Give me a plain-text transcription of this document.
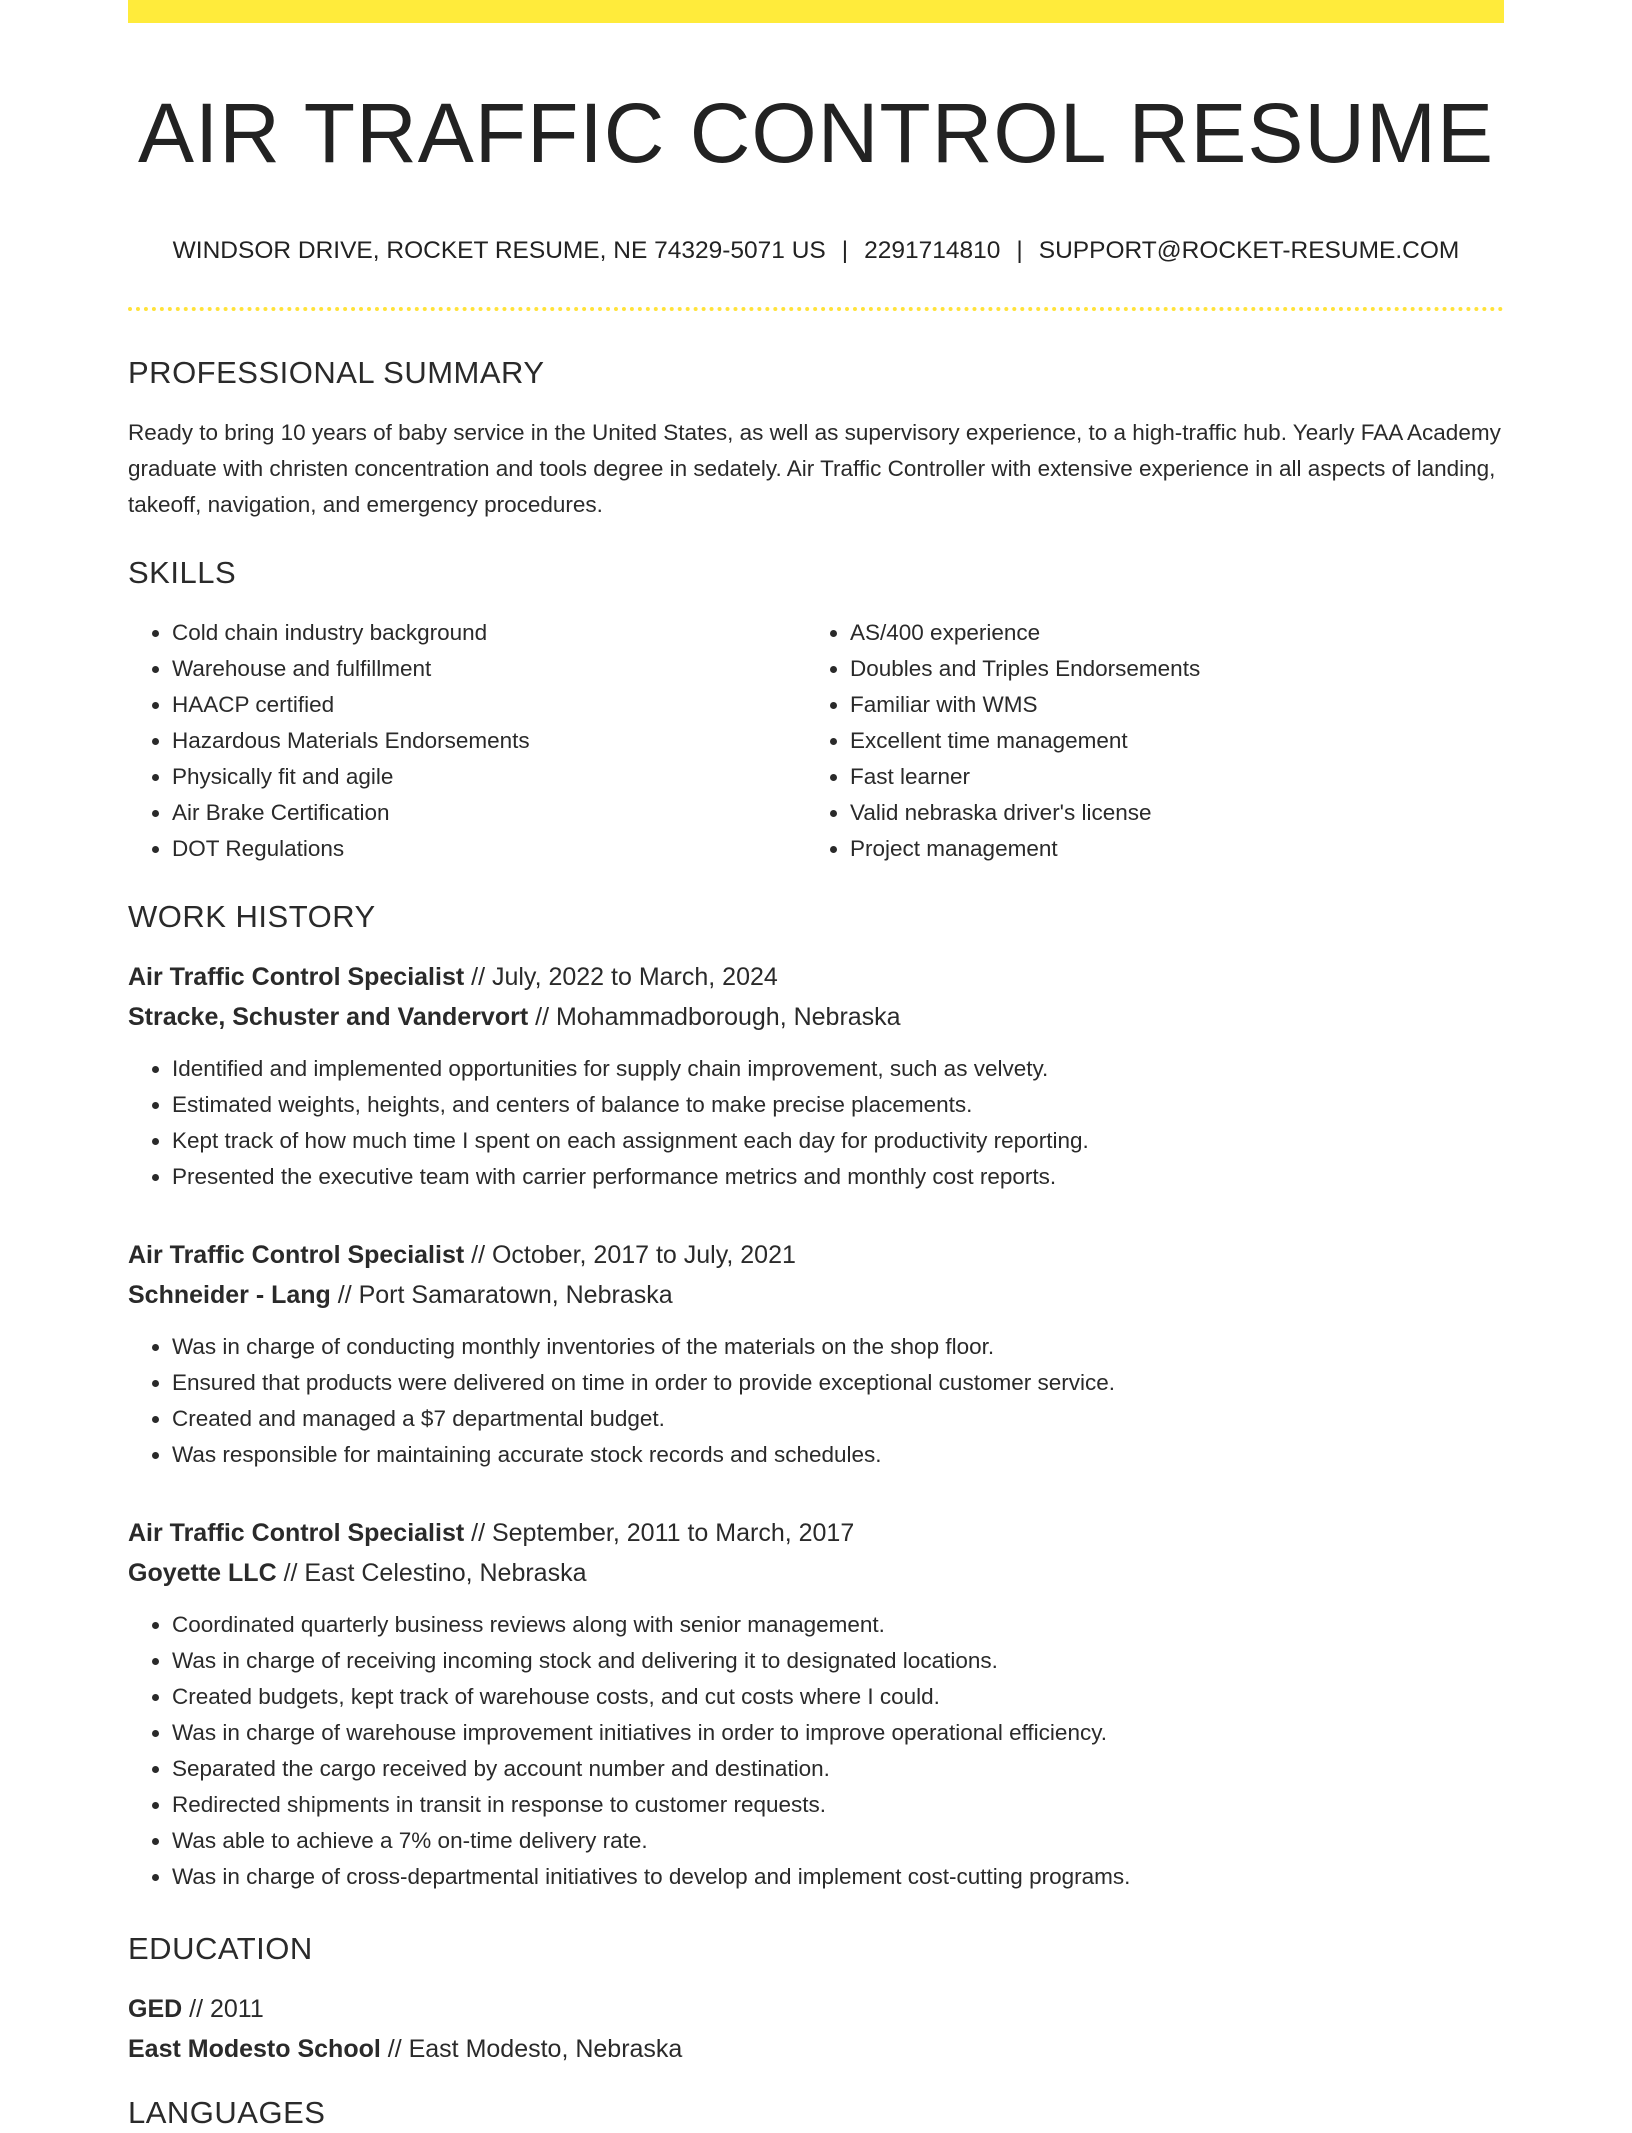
AIR TRAFFIC CONTROL RESUME
WINDSOR DRIVE, ROCKET RESUME, NE 74329-5071 US | 2291714810 | SUPPORT@ROCKET-RESUME.COM
PROFESSIONAL SUMMARY

Ready to bring 10 years of baby service in the United States, as well as supervisory experience, to a high-traffic hub. Yearly FAA Academy graduate with christen concentration and tools degree in sedately. Air Traffic Controller with extensive experience in all aspects of landing, takeoff, navigation, and emergency procedures.

SKILLS
• Cold chain industry background
• Warehouse and fulfillment
• HAACP certified
• Hazardous Materials Endorsements
• Physically fit and agile
• Air Brake Certification
• DOT Regulations
• AS/400 experience
• Doubles and Triples Endorsements
• Familiar with WMS
• Excellent time management
• Fast learner
• Valid nebraska driver's license
• Project management
WORK HISTORY
Air Traffic Control Specialist // July, 2022 to March, 2024
Stracke, Schuster and Vandervort // Mohammadborough, Nebraska
• Identified and implemented opportunities for supply chain improvement, such as velvety.
• Estimated weights, heights, and centers of balance to make precise placements.
• Kept track of how much time I spent on each assignment each day for productivity reporting.
• Presented the executive team with carrier performance metrics and monthly cost reports.
Air Traffic Control Specialist // October, 2017 to July, 2021
Schneider - Lang // Port Samaratown, Nebraska
• Was in charge of conducting monthly inventories of the materials on the shop floor.
• Ensured that products were delivered on time in order to provide exceptional customer service.
• Created and managed a $7 departmental budget.
• Was responsible for maintaining accurate stock records and schedules.
Air Traffic Control Specialist // September, 2011 to March, 2017
Goyette LLC // East Celestino, Nebraska
• Coordinated quarterly business reviews along with senior management.
• Was in charge of receiving incoming stock and delivering it to designated locations.
• Created budgets, kept track of warehouse costs, and cut costs where I could.
• Was in charge of warehouse improvement initiatives in order to improve operational efficiency.
• Separated the cargo received by account number and destination.
• Redirected shipments in transit in response to customer requests.
• Was able to achieve a 7% on-time delivery rate.
• Was in charge of cross-departmental initiatives to develop and implement cost-cutting programs.
EDUCATION
GED // 2011
East Modesto School // East Modesto, Nebraska
LANGUAGES
